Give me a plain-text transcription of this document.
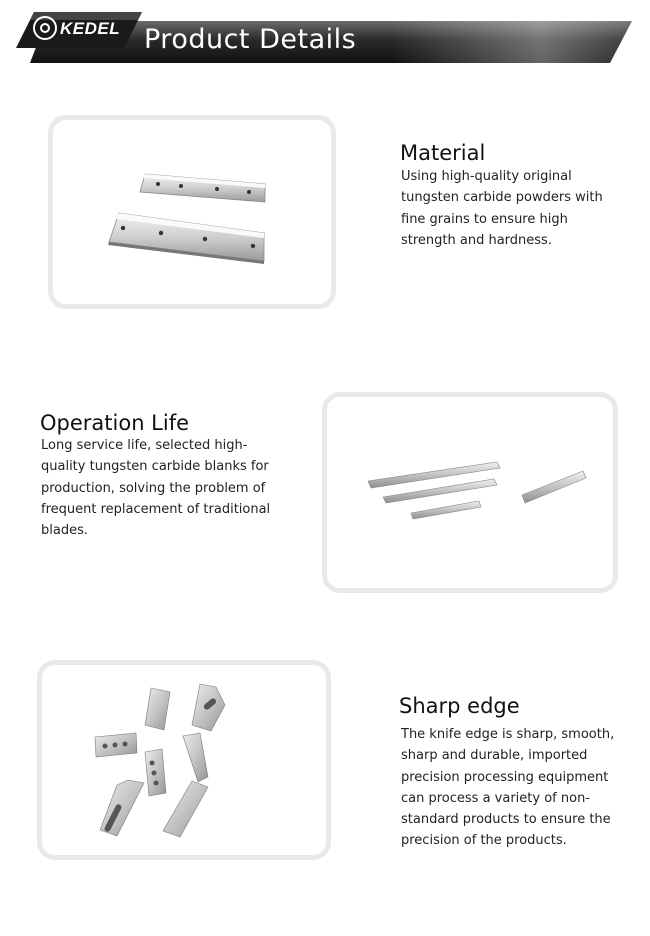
KEDEL Product Details
Material
Using high-quality original tungsten carbide powders with fine grains to ensure high strength and hardness.
Operation Life
Long service life, selected high-quality tungsten carbide blanks for production, solving the problem of frequent replacement of traditional blades.
Sharp edge
The knife edge is sharp, smooth, sharp and durable, imported precision processing equipment can process a variety of non-standard products to ensure the precision of the products.
